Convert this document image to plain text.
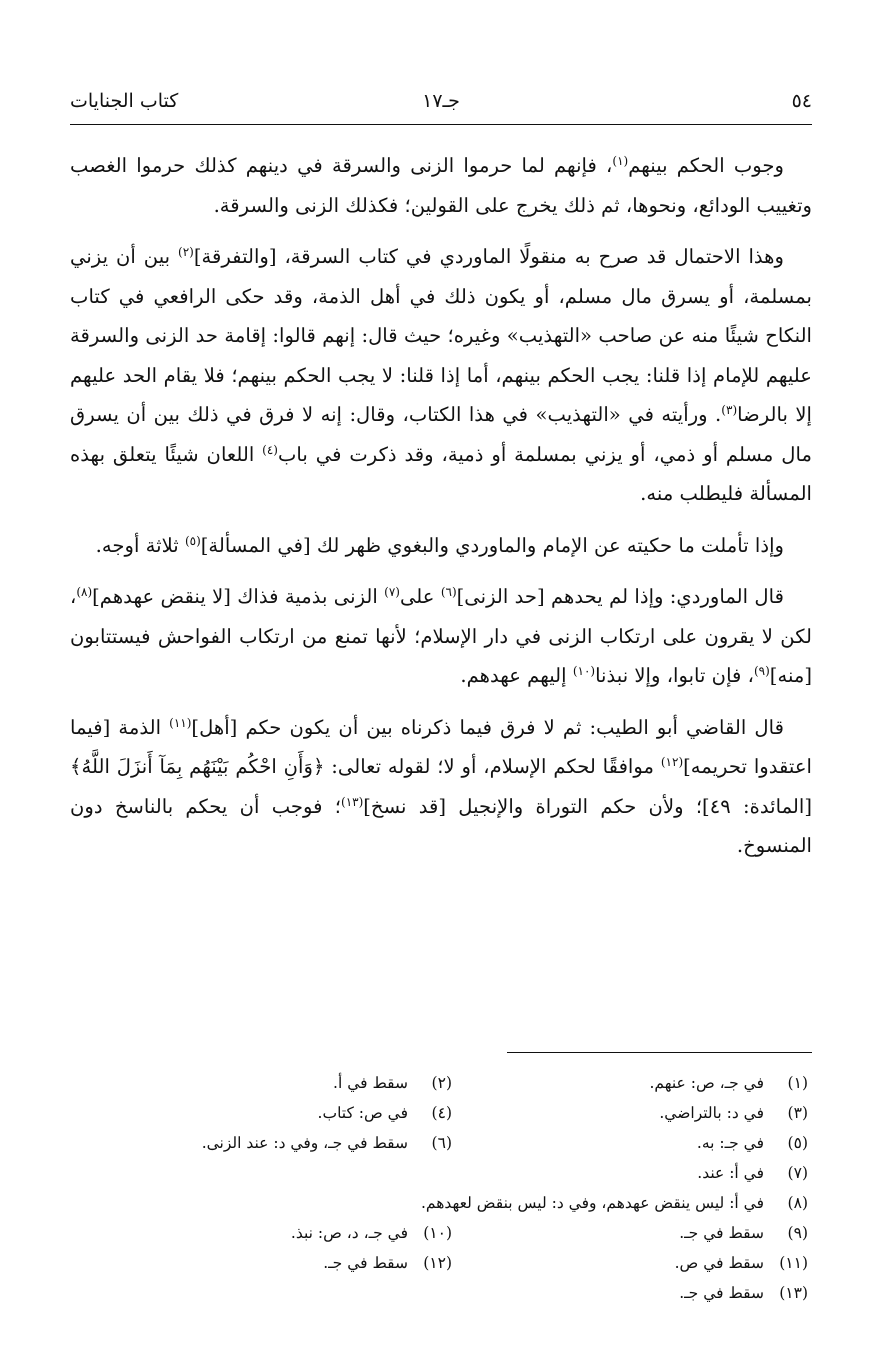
٥٤
جـ١٧
كتاب الجنايات

وجوب الحكم بينهم$^{(١)}$، فإنهم لما حرموا الزنى والسرقة في دينهم كذلك حرموا الغصب وتغييب الودائع، ونحوها، ثم ذلك يخرج على القولين؛ فكذلك الزنى والسرقة.

وهذا الاحتمال قد صرح به منقولًا الماوردي في كتاب السرقة، [والتفرقة]$^{(٢)}$ بين أن يزني بمسلمة، أو يسرق مال مسلم، أو يكون ذلك في أهل الذمة، وقد حكى الرافعي في كتاب النكاح شيئًا منه عن صاحب «التهذيب» وغيره؛ حيث قال: إنهم قالوا: إقامة حد الزنى والسرقة عليهم للإمام إذا قلنا: يجب الحكم بينهم، أما إذا قلنا: لا يجب الحكم بينهم؛ فلا يقام الحد عليهم إلا بالرضا$^{(٣)}$. ورأيته في «التهذيب» في هذا الكتاب، وقال: إنه لا فرق في ذلك بين أن يسرق مال مسلم أو ذمي، أو يزني بمسلمة أو ذمية، وقد ذكرت في باب$^{(٤)}$ اللعان شيئًا يتعلق بهذه المسألة فليطلب منه.

وإذا تأملت ما حكيته عن الإمام والماوردي والبغوي ظهر لك [في المسألة]$^{(٥)}$ ثلاثة أوجه.

قال الماوردي: وإذا لم يحدهم [حد الزنى]$^{(٦)}$ على$^{(٧)}$ الزنى بذمية فذاك [لا ينقض عهدهم]$^{(٨)}$، لكن لا يقرون على ارتكاب الزنى في دار الإسلام؛ لأنها تمنع من ارتكاب الفواحش فيستتابون [منه]$^{(٩)}$، فإن تابوا، وإلا نبذنا$^{(١٠)}$ إليهم عهدهم.

قال القاضي أبو الطيب: ثم لا فرق فيما ذكرناه بين أن يكون حكم [أهل]$^{(١١)}$ الذمة [فيما اعتقدوا تحريمه]$^{(١٢)}$ موافقًا لحكم الإسلام، أو لا؛ لقوله تعالى: ﴿وَأَنِ احْكُم بَيْنَهُم بِمَآ أَنزَلَ اللَّهُ﴾ [المائدة: ٤٩]؛ ولأن حكم التوراة والإنجيل [قد نسخ]$^{(١٣)}$؛ فوجب أن يحكم بالناسخ دون المنسوخ.

(١)في جـ، ص: عنهم.
(٢)سقط في أ.
(٣)في د: بالتراضي.
(٤)في ص: كتاب.
(٥)في جـ: به.
(٦)سقط في جـ، وفي د: عند الزنى.
(٧)في أ: عند.
(٨)في أ: ليس ينقض عهدهم، وفي د: ليس بنقض لعهدهم.
(٩)سقط في جـ.
(١٠)في جـ، د، ص: نبذ.
(١١)سقط في ص.
(١٢)سقط في جـ.
(١٣)سقط في جـ.
